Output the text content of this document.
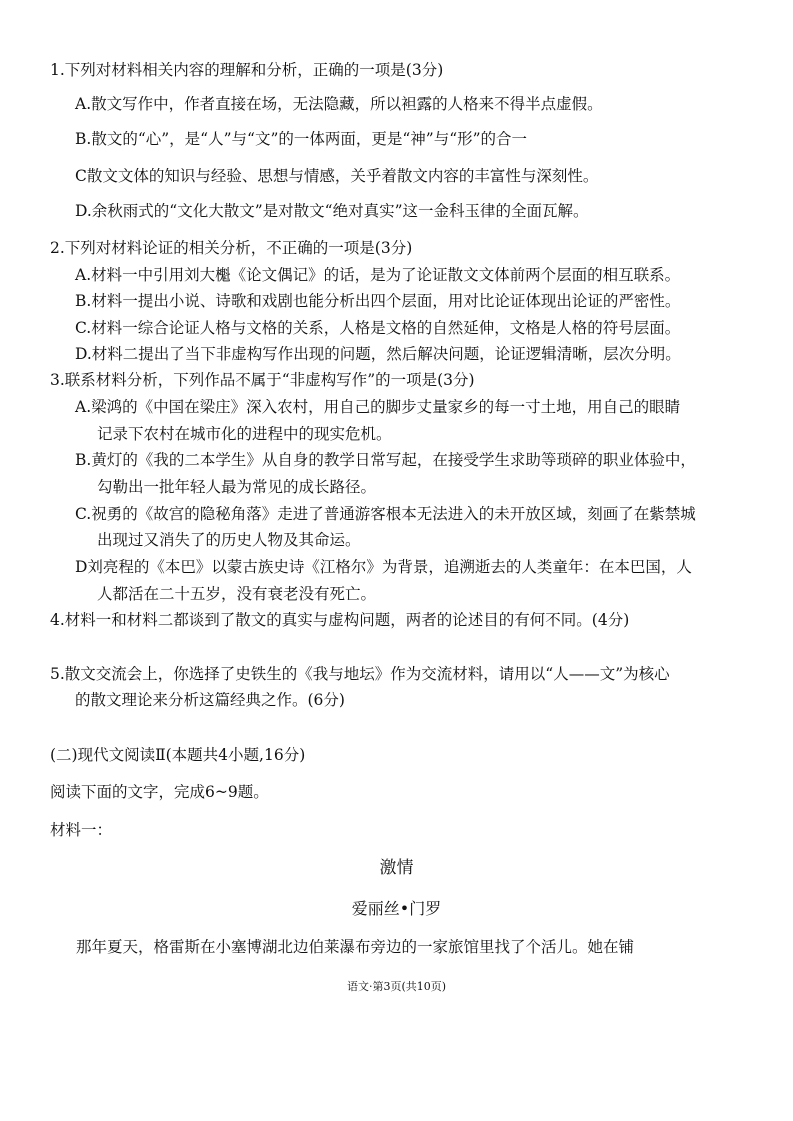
1.下列对材料相关内容的理解和分析，正确的一项是(3分)
A.散文写作中，作者直接在场，无法隐藏，所以袒露的人格来不得半点虚假。
B.散文的“心”，是“人”与“文”的一体两面，更是“神”与“形”的合一
C散文文体的知识与经验、思想与情感，关乎着散文内容的丰富性与深刻性。
D.余秋雨式的“文化大散文”是对散文“绝对真实”这一金科玉律的全面瓦解。
2.下列对材料论证的相关分析，不正确的一项是(3分)
A.材料一中引用刘大櫆《论文偶记》的话，是为了论证散文文体前两个层面的相互联系。
B.材料一提出小说、诗歌和戏剧也能分析出四个层面，用对比论证体现出论证的严密性。
C.材料一综合论证人格与文格的关系，人格是文格的自然延伸，文格是人格的符号层面。
D.材料二提出了当下非虚构写作出现的问题，然后解决问题，论证逻辑清晰，层次分明。
3.联系材料分析，下列作品不属于“非虚构写作”的一项是(3分)
A.梁鸿的《中国在梁庄》深入农村，用自己的脚步丈量家乡的每一寸土地，用自己的眼睛
记录下农村在城市化的进程中的现实危机。
B.黄灯的《我的二本学生》从自身的教学日常写起，在接受学生求助等琐碎的职业体验中，
勾勒出一批年轻人最为常见的成长路径。
C.祝勇的《故宫的隐秘角落》走进了普通游客根本无法进入的未开放区域，刻画了在紫禁城
出现过又消失了的历史人物及其命运。
D刘亮程的《本巴》以蒙古族史诗《江格尔》为背景，追溯逝去的人类童年：在本巴国，人
人都活在二十五岁，没有衰老没有死亡。
4.材料一和材料二都谈到了散文的真实与虚构问题，两者的论述目的有何不同。(4分)
5.散文交流会上，你选择了史铁生的《我与地坛》作为交流材料，请用以“人——文”为核心
的散文理论来分析这篇经典之作。(6分)
(二)现代文阅读Ⅱ(本题共4小题,16分)
阅读下面的文字，完成6~9题。
材料一：
激情
爱丽丝•门罗
那年夏天，格雷斯在小塞博湖北边伯莱瀑布旁边的一家旅馆里找了个活儿。她在铺
语文·第3页(共10页)
